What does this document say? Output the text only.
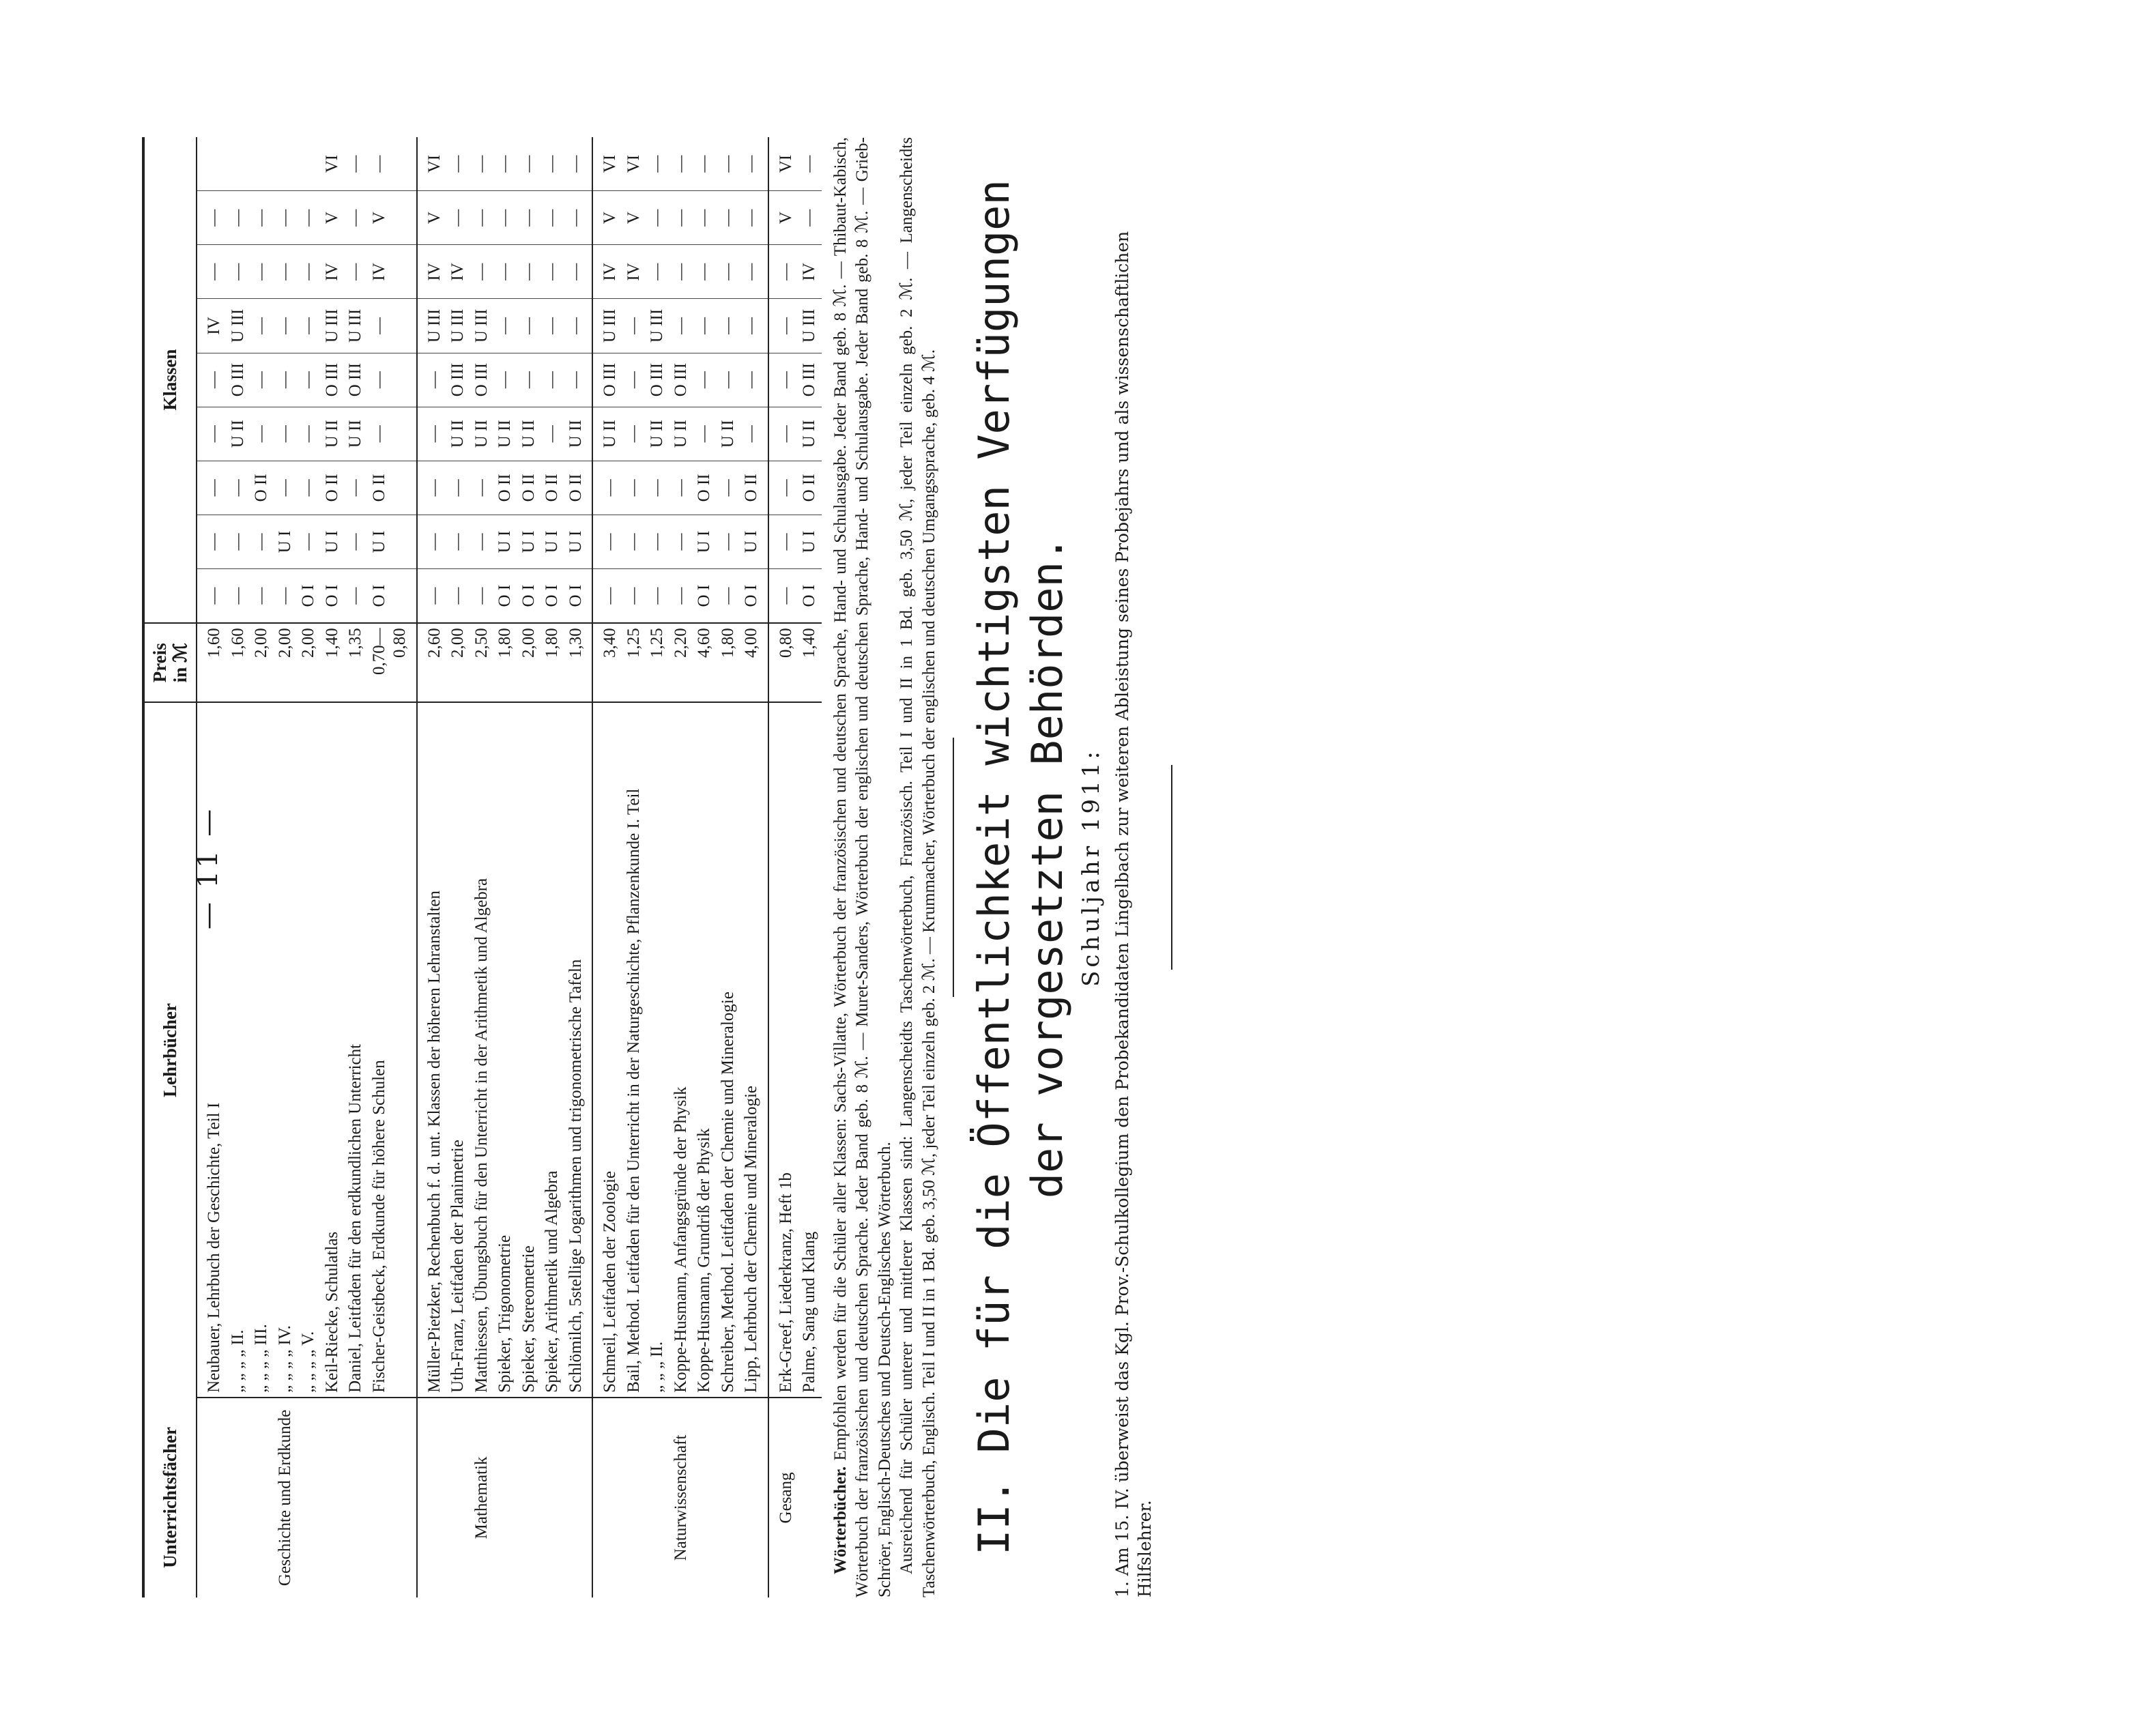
— 11 —
Unterrichtsfächer	Lehrbücher	Preis
in ℳ	Klassen								
	Neubauer, Lehrbuch der Geschichte, Teil I	1,60	—	—	—	—	—	IV	—	—	
	„ „ „ „ II.	1,60	—	—	—	U II	O III	U III	—	—	
	„ „ „ „ III.	2,00	—	—	O II	—	—	—	—	—	
Geschichte und Erdkunde	„ „ „ „ IV.	2,00	—	U I	—	—	—	—	—	—	
	„ „ „ „ V.	2,00	O I	—	—	—	—	—	—	—	
	Keil-Riecke, Schulatlas	1,40	O I	U I	O II	U II	O III	U III	IV	V	VI
	Daniel, Leitfaden für den erdkundlichen Unterricht	1,35	—	—	—	U II	O III	U III	—	—	—
	Fischer-Geistbeck, Erdkunde für höhere Schulen	0,70—0,80	O I	U I	O II	—	—	—	IV	V	—
	Müller-Pietzker, Rechenbuch f. d. unt. Klassen der höheren Lehranstalten	2,60	—	—	—	—	—	U III	IV	V	VI
	Uth-Franz, Leitfaden der Planimetrie	2,00	—	—	—	U II	O III	U III	IV	—	—
Mathematik	Matthiessen, Übungsbuch für den Unterricht in der Arithmetik und Algebra	2,50	—	—	—	U II	O III	U III	—	—	—
	Spieker, Trigonometrie	1,80	O I	U I	O II	U II	—	—	—	—	—
	Spieker, Stereometrie	2,00	O I	U I	O II	U II	—	—	—	—	—
	Spieker, Arithmetik und Algebra	1,80	O I	U I	O II	—	—	—	—	—	—
	Schlömilch, 5stellige Logarithmen und trigonometrische Tafeln	1,30	O I	U I	O II	U II	—	—	—	—	—
	Schmeil, Leitfaden der Zoologie	3,40	—	—	—	U II	O III	U III	IV	V	VI
	Bail, Method. Leitfaden für den Unterricht in der Naturgeschichte, Pflanzenkunde I. Teil	1,25	—	—	—	—	—	—	IV	V	VI
	„ „ „ II.	1,25	—	—	—	U II	O III	U III	—	—	—
Naturwissenschaft	Koppe-Husmann, Anfangsgründe der Physik	2,20	—	—	—	U II	O III	—	—	—	—
	Koppe-Husmann, Grundriß der Physik	4,60	O I	U I	O II	—	—	—	—	—	—
	Schreiber, Method. Leitfaden der Chemie und Mineralogie	1,80	—	—	—	U II	—	—	—	—	—
	Lipp, Lehrbuch der Chemie und Mineralogie	4,00	O I	U I	O II	—	—	—	—	—	—
Gesang	Erk-Greef, Liederkranz, Heft 1b	0,80	—	—	—	—	—	—	—	V	VI
	Palme, Sang und Klang	1,40	O I	U I	O II	U II	O III	U III	IV	—	—

Wörterbücher. Empfohlen werden für die Schüler aller Klassen: Sachs-Villatte, Wörterbuch der französischen und deutschen Sprache, Hand- und Schulausgabe. Jeder Band geb. 8 ℳ. — Thibaut-Kabisch, Wörterbuch der französischen und deutschen Sprache. Jeder Band geb. 8 ℳ. — Muret-Sanders, Wörterbuch der englischen und deutschen Sprache, Hand- und Schulausgabe. Jeder Band geb. 8 ℳ. — Grieb-Schröer, Englisch-Deutsches und Deutsch-Englisches Wörterbuch. Ausreichend für Schüler unterer und mittlerer Klassen sind: Langenscheidts Taschenwörterbuch, Französisch. Teil I und II in 1 Bd. geb. 3,50 ℳ, jeder Teil einzeln geb. 2 ℳ. — Langenscheidts Taschenwörterbuch, Englisch. Teil I und II in 1 Bd. geb. 3,50 ℳ, jeder Teil einzeln geb. 2 ℳ. — Krummacher, Wörterbuch der englischen und deutschen Umgangssprache, geb. 4 ℳ. II. Die für die Öffentlichkeit wichtigsten Verfügungen der vorgesetzten Behörden. Schuljahr 1911: 1. Am 15. IV. überweist das Kgl. Prov.-Schulkollegium den Probekandidaten Lingelbach zur weiteren Ableistung seines Probejahrs und als wissenschaftlichen Hilfslehrer.
